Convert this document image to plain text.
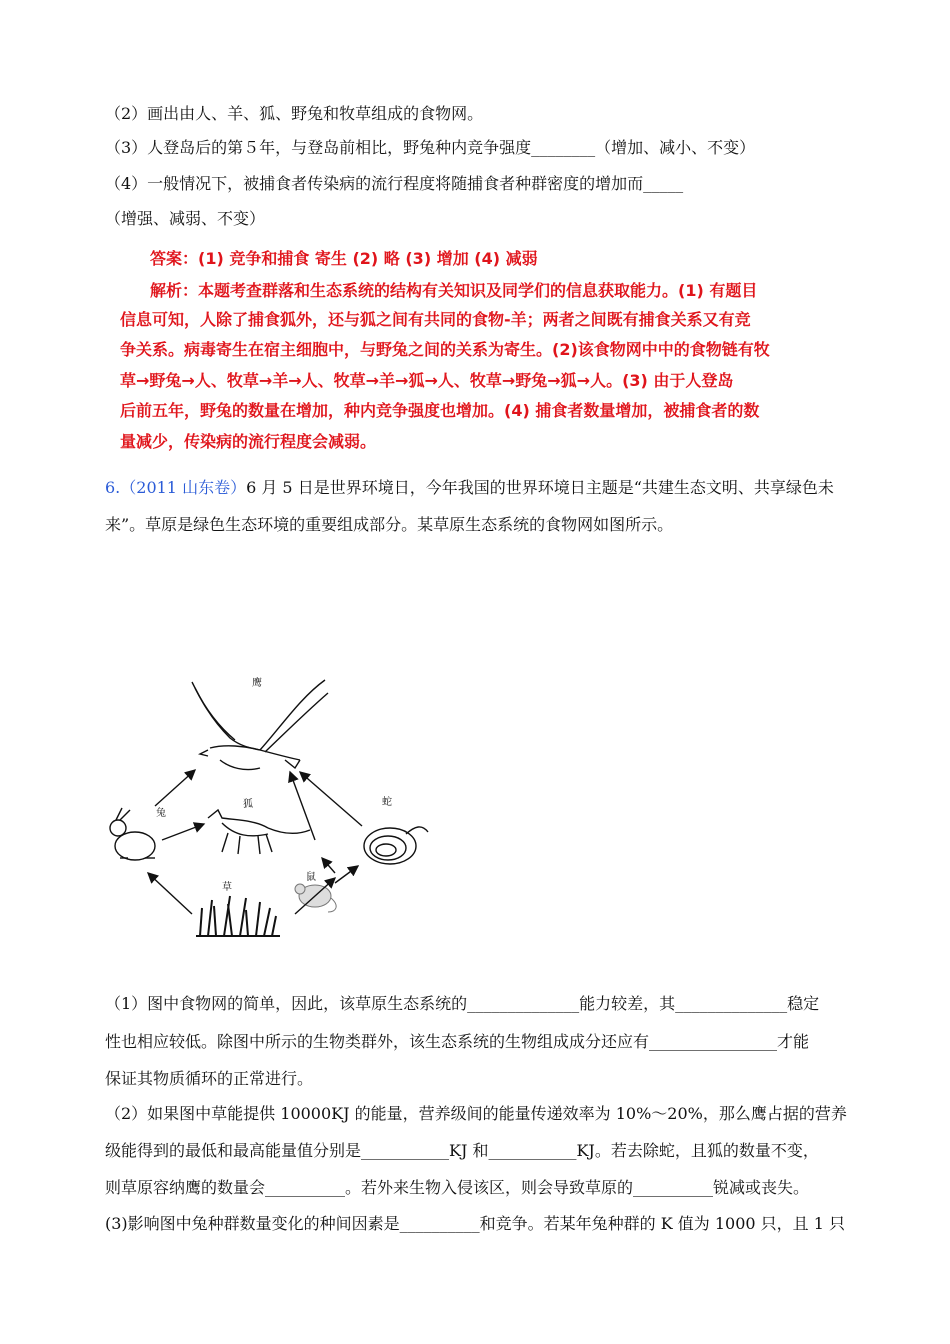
（2）画出由人、羊、狐、野兔和牧草组成的食物网。
（3）人登岛后的第５年，与登岛前相比，野兔种内竞争强度________（增加、减小、不变）
（4）一般情况下，被捕食者传染病的流行程度将随捕食者种群密度的增加而_____
（增强、减弱、不变）
答案：(1) 竞争和捕食 寄生 (2) 略 (3) 增加 (4) 减弱
解析：本题考查群落和生态系统的结构有关知识及同学们的信息获取能力。(1) 有题目
信息可知，人除了捕食狐外，还与狐之间有共同的食物-羊；两者之间既有捕食关系又有竞
争关系。病毒寄生在宿主细胞中，与野兔之间的关系为寄生。(2)该食物网中中的食物链有牧
草→野兔→人、牧草→羊→人、牧草→羊→狐→人、牧草→野兔→狐→人。(3) 由于人登岛
后前五年，野兔的数量在增加，种内竞争强度也增加。(4) 捕食者数量增加，被捕食者的数
量减少，传染病的流行程度会减弱。
6.（2011 山东卷）6 月 5 日是世界环境日，今年我国的世界环境日主题是“共建生态文明、共享绿色未
来”。草原是绿色生态环境的重要组成部分。某草原生态系统的食物网如图所示。
鹰
兔
狐	蛇
鼠
草
（1）图中食物网的简单，因此，该草原生态系统的______________能力较差，其______________稳定
性也相应较低。除图中所示的生物类群外，该生态系统的生物组成成分还应有________________才能
保证其物质循环的正常进行。
（2）如果图中草能提供 10000KJ 的能量，营养级间的能量传递效率为 10%～20%，那么鹰占据的营养
级能得到的最低和最高能量值分别是___________KJ 和___________KJ。若去除蛇，且狐的数量不变，
则草原容纳鹰的数量会__________。若外来生物入侵该区，则会导致草原的__________锐减或丧失。
(3)影响图中兔种群数量变化的种间因素是__________和竞争。若某年兔种群的 K 值为 1000 只，且 1 只
